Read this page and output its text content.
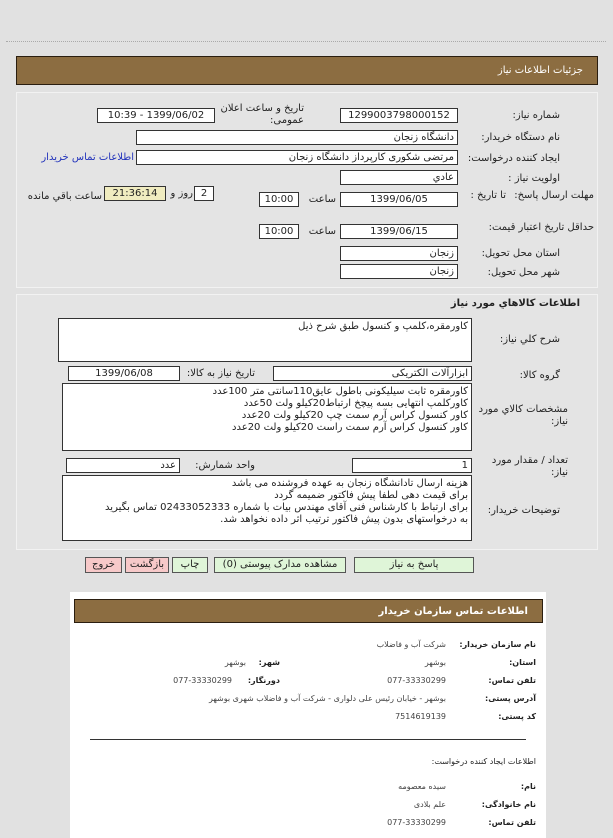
جزئیات اطلاعات نیاز
شماره نیاز:
1299003798000152
تاریخ و ساعت اعلان عمومی:
1399/06/02 - 10:39
نام دستگاه خریدار:
دانشگاه زنجان
ایجاد کننده درخواست:
مرتضی شکوری کارپرداز دانشگاه زنجان
اطلاعات تماس خریدار
اولویت نیاز :
عادي
مهلت ارسال پاسخ:
تا تاریخ :
1399/06/05
ساعت
10:00
2
روز و
21:36:14
ساعت باقي مانده
حداقل تاریخ اعتبار قیمت:
1399/06/15
ساعت
10:00
استان محل تحویل:
زنجان
شهر محل تحویل:
زنجان
اطلاعات کالاهاي مورد نياز
شرح کلي نياز:
کاورمقره،کلمپ و کنسول طبق شرح ذیل
گروه کالا:
ابزارآلات الکتریکی
تاریخ نیاز به کالا:
1399/06/08
مشخصات کالاي مورد نياز:
کاورمقره ثابت سیلیکونی باطول عایق110سانتی متر 100عدد
کاورکلمپ انتهایی بسه پیچخ ارتباط20کیلو ولت 50عدد
کاور کنسول کراس آرم سمت چپ 20کیلو ولت 20عدد
کاور کنسول کراس آرم سمت راست 20کیلو ولت 20عدد
تعداد / مقدار مورد نیاز:
1
واحد شمارش:
عدد
توضیحات خریدار:
هزینه ارسال تادانشگاه زنجان به عهده فروشنده می باشد
برای قیمت دهی لطفا پیش فاکتور ضمیمه گردد
برای ارتباط با کارشناس فنی آقای مهندس بیات با شماره 02433052333 تماس بگیرید
به درخواستهای بدون پیش فاکتور ترتیب اثر داده نخواهد شد.
پاسخ به نیاز
مشاهده مدارک پیوستی (0)
چاپ
بازگشت
خروج
اطلاعات تماس سازمان خریدار
نام سازمان خریدار:
شرکت آب و فاضلاب
استان:
بوشهر
شهر:
بوشهر
تلفن تماس:
077-33330299
دورنگار:
077-33330299
آدرس پستی:
بوشهر - خیابان رئیس علی دلواری - شرکت آب و فاضلاب شهری بوشهر
کد پستی:
7514619139
اطلاعات ایجاد کننده درخواست:
نام:
سیده معصومه
نام خانوادگی:
علم بلادی
تلفن تماس:
077-33330299
